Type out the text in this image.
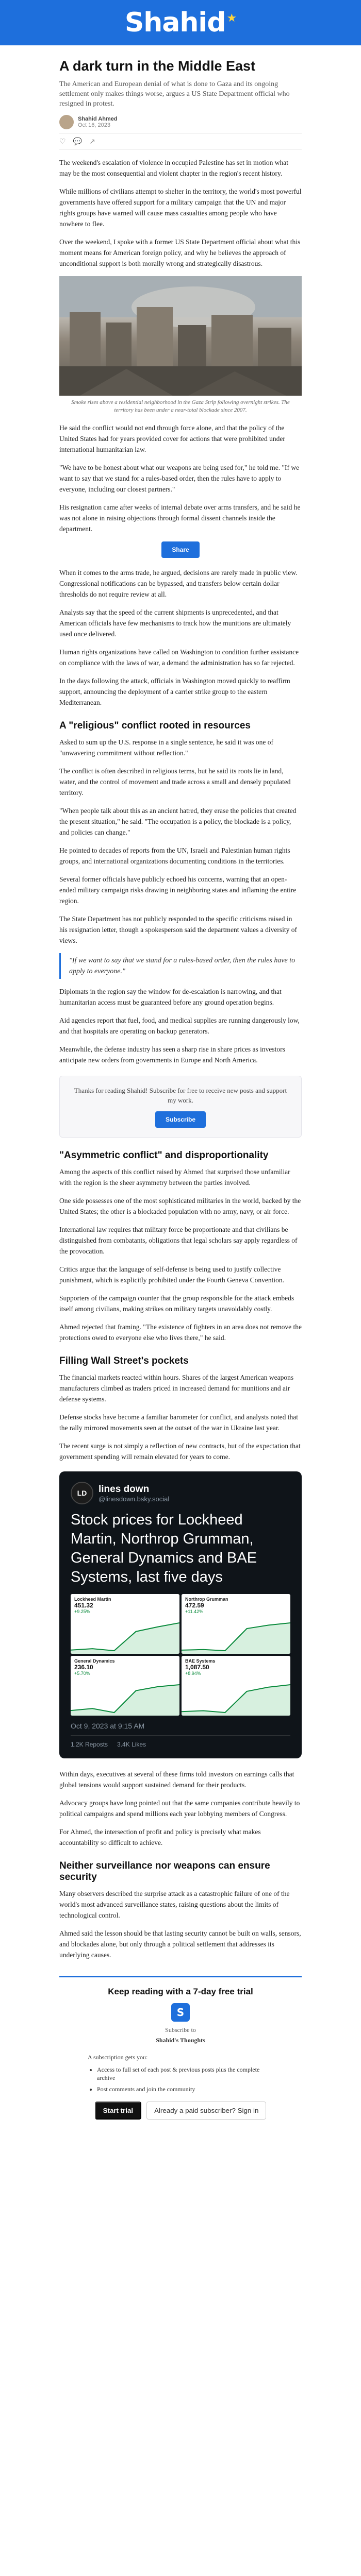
Shahid ★
A dark turn in the Middle East

The American and European denial of what is done to Gaza and its ongoing settlement only makes things worse, argues a US State Department official who resigned in protest.

Shahid Ahmed
Oct 16, 2023
♡ 💬 ↗

The weekend's escalation of violence in occupied Palestine has set in motion what may be the most consequential and violent chapter in the region's recent history.

While millions of civilians attempt to shelter in the territory, the world's most powerful governments have offered support for a military campaign that the UN and major rights groups have warned will cause mass casualties among people who have nowhere to flee.

Over the weekend, I spoke with a former US State Department official about what this moment means for American foreign policy, and why he believes the approach of unconditional support is both morally wrong and strategically disastrous.

Smoke rises above a residential neighborhood in the Gaza Strip following overnight strikes. The territory has been under a near-total blockade since 2007.

He said the conflict would not end through force alone, and that the policy of the United States had for years provided cover for actions that were prohibited under international humanitarian law.

"We have to be honest about what our weapons are being used for," he told me. "If we want to say that we stand for a rules-based order, then the rules have to apply to everyone, including our closest partners."

His resignation came after weeks of internal debate over arms transfers, and he said he was not alone in raising objections through formal dissent channels inside the department.

Share

When it comes to the arms trade, he argued, decisions are rarely made in public view. Congressional notifications can be bypassed, and transfers below certain dollar thresholds do not require review at all.

Analysts say that the speed of the current shipments is unprecedented, and that American officials have few mechanisms to track how the munitions are ultimately used once delivered.

Human rights organizations have called on Washington to condition further assistance on compliance with the laws of war, a demand the administration has so far rejected.

In the days following the attack, officials in Washington moved quickly to reaffirm support, announcing the deployment of a carrier strike group to the eastern Mediterranean.

A "religious" conflict rooted in resources

Asked to sum up the U.S. response in a single sentence, he said it was one of "unwavering commitment without reflection."

The conflict is often described in religious terms, but he said its roots lie in land, water, and the control of movement and trade across a small and densely populated territory.

"When people talk about this as an ancient hatred, they erase the policies that created the present situation," he said. "The occupation is a policy, the blockade is a policy, and policies can change."

He pointed to decades of reports from the UN, Israeli and Palestinian human rights groups, and international organizations documenting conditions in the territories.

Several former officials have publicly echoed his concerns, warning that an open-ended military campaign risks drawing in neighboring states and inflaming the entire region.

The State Department has not publicly responded to the specific criticisms raised in his resignation letter, though a spokesperson said the department values a diversity of views.

"If we want to say that we stand for a rules-based order, then the rules have to apply to everyone."

Diplomats in the region say the window for de-escalation is narrowing, and that humanitarian access must be guaranteed before any ground operation begins.

Aid agencies report that fuel, food, and medical supplies are running dangerously low, and that hospitals are operating on backup generators.

Meanwhile, the defense industry has seen a sharp rise in share prices as investors anticipate new orders from governments in Europe and North America.

Thanks for reading Shahid! Subscribe for free to receive new posts and support my work.
Subscribe
"Asymmetric conflict" and disproportionality

Among the aspects of this conflict raised by Ahmed that surprised those unfamiliar with the region is the sheer asymmetry between the parties involved.

One side possesses one of the most sophisticated militaries in the world, backed by the United States; the other is a blockaded population with no army, navy, or air force.

International law requires that military force be proportionate and that civilians be distinguished from combatants, obligations that legal scholars say apply regardless of the provocation.

Critics argue that the language of self-defense is being used to justify collective punishment, which is explicitly prohibited under the Fourth Geneva Convention.

Supporters of the campaign counter that the group responsible for the attack embeds itself among civilians, making strikes on military targets unavoidably costly.

Ahmed rejected that framing. "The existence of fighters in an area does not remove the protections owed to everyone else who lives there," he said.

Filling Wall Street's pockets

The financial markets reacted within hours. Shares of the largest American weapons manufacturers climbed as traders priced in increased demand for munitions and air defense systems.

Defense stocks have become a familiar barometer for conflict, and analysts noted that the rally mirrored movements seen at the outset of the war in Ukraine last year.

The recent surge is not simply a reflection of new contracts, but of the expectation that government spending will remain elevated for years to come.

LD	lines down
@linesdown.bsky.social
Stock prices for Lockheed Martin, Northrop Grumman, General Dynamics and BAE Systems, last five days
Lockheed Martin
451.32
+9.25%
Northrop Grumman
472.59
+11.42%
General Dynamics
236.10
+5.70%
BAE Systems
1,087.50
+8.94%
Oct 9, 2023 at 9:15 AM
1.2K Reposts 3.4K Likes

Within days, executives at several of these firms told investors on earnings calls that global tensions would support sustained demand for their products.

Advocacy groups have long pointed out that the same companies contribute heavily to political campaigns and spend millions each year lobbying members of Congress.

For Ahmed, the intersection of profit and policy is precisely what makes accountability so difficult to achieve.

Neither surveillance nor weapons can ensure security

Many observers described the surprise attack as a catastrophic failure of one of the world's most advanced surveillance states, raising questions about the limits of technological control.

Ahmed said the lesson should be that lasting security cannot be built on walls, sensors, and blockades alone, but only through a political settlement that addresses its underlying causes.

Keep reading with a 7-day free trial
S
Subscribe to
Shahid's Thoughts
A subscription gets you:
• Access to full set of each post & previous posts plus the complete archive
• Post comments and join the community
Start trial	Already a paid subscriber? Sign in
